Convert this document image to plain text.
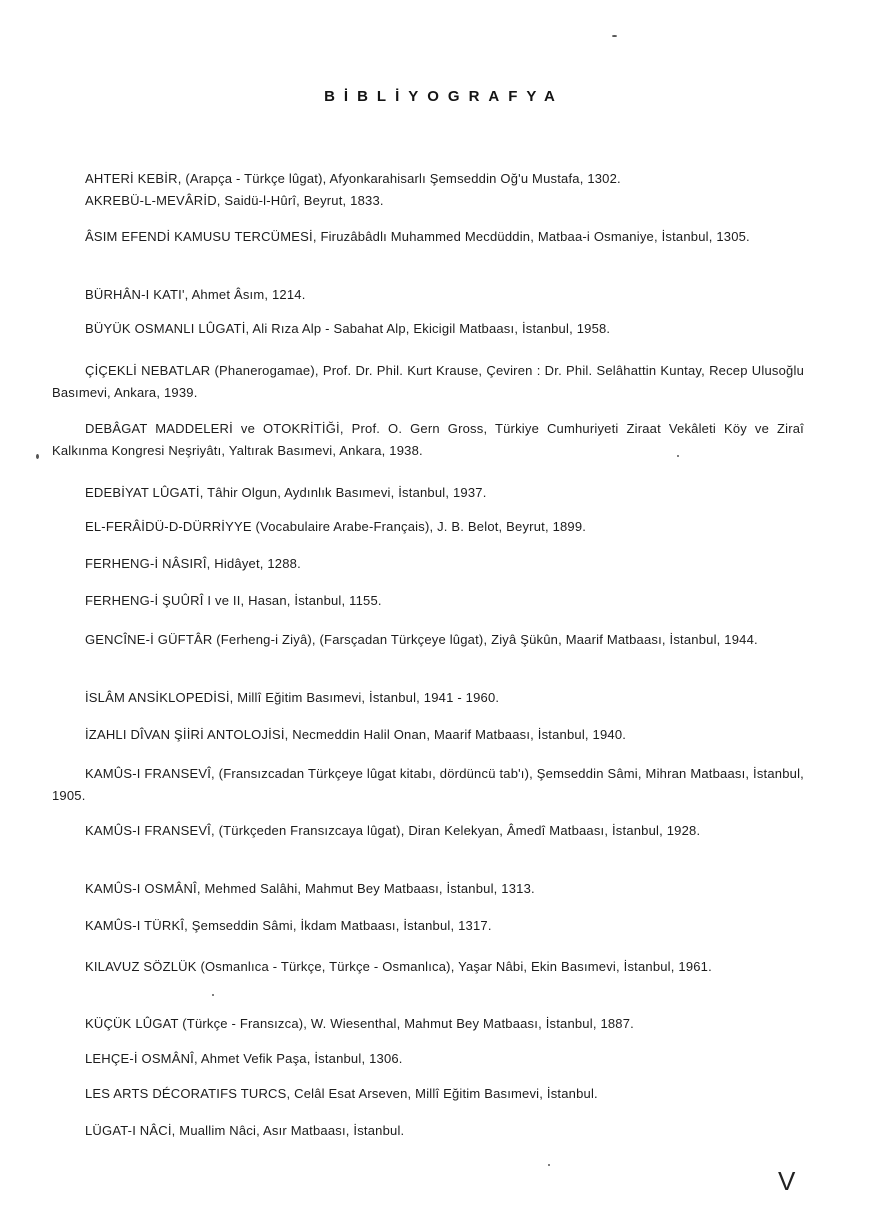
BİBLİYOGRAFYA
AHTERİ KEBİR, (Arapça - Türkçe lûgat), Afyonkarahisarlı Şemseddin Oğ'u Mustafa, 1302.
AKREBÜ-L-MEVÂRİD, Saidü-l-Hûrî, Beyrut, 1833.
ÂSIM EFENDİ KAMUSU TERCÜMESİ, Firuzâbâdlı Muhammed Mecdüddin, Matbaa-i Osmaniye, İstanbul, 1305.
BÜRHÂN-I KATI', Ahmet Âsım, 1214.
BÜYÜK OSMANLI LÛGATİ, Ali Rıza Alp - Sabahat Alp, Ekicigil Matbaası, İstanbul, 1958.
ÇİÇEKLİ NEBATLAR (Phanerogamae), Prof. Dr. Phil. Kurt Krause, Çeviren : Dr. Phil. Selâhattin Kuntay, Recep Ulusoğlu Basımevi, Ankara, 1939.
DEBÂGAT MADDELERİ ve OTOKRİTİĞİ, Prof. O. Gern Gross, Türkiye Cumhuriyeti Ziraat Vekâleti Köy ve Ziraî Kalkınma Kongresi Neşriyâtı, Yaltırak Basımevi, Ankara, 1938.
EDEBİYAT LÛGATİ, Tâhir Olgun, Aydınlık Basımevi, İstanbul, 1937.
EL-FERÂİDÜ-D-DÜRRİYYE (Vocabulaire Arabe-Français), J. B. Belot, Beyrut, 1899.
FERHENG-İ NÂSIRÎ, Hidâyet, 1288.
FERHENG-İ ŞUÛRÎ I ve II, Hasan, İstanbul, 1155.
GENCÎNE-İ GÜFTÂR (Ferheng-i Ziyâ), (Farsçadan Türkçeye lûgat), Ziyâ Şükûn, Maarif Matbaası, İstanbul, 1944.
İSLÂM ANSİKLOPEDİSİ, Millî Eğitim Basımevi, İstanbul, 1941 - 1960.
İZAHLI DÎVAN ŞİİRİ ANTOLOJİSİ, Necmeddin Halil Onan, Maarif Matbaası, İstanbul, 1940.
KAMÛS-I FRANSEVÎ, (Fransızcadan Türkçeye lûgat kitabı, dördüncü tab'ı), Şemseddin Sâmi, Mihran Matbaası, İstanbul, 1905.
KAMÛS-I FRANSEVÎ, (Türkçeden Fransızcaya lûgat), Diran Kelekyan, Âmedî Matbaası, İstanbul, 1928.
KAMÛS-I OSMÂNÎ, Mehmed Salâhi, Mahmut Bey Matbaası, İstanbul, 1313.
KAMÛS-I TÜRKÎ, Şemseddin Sâmi, İkdam Matbaası, İstanbul, 1317.
KILAVUZ SÖZLÜK (Osmanlıca - Türkçe, Türkçe - Osmanlıca), Yaşar Nâbi, Ekin Basımevi, İstanbul, 1961.
KÜÇÜK LÛGAT (Türkçe - Fransızca), W. Wiesenthal, Mahmut Bey Matbaası, İstanbul, 1887.
LEHÇE-İ OSMÂNÎ, Ahmet Vefik Paşa, İstanbul, 1306.
LES ARTS DÉCORATIFS TURCS, Celâl Esat Arseven, Millî Eğitim Basımevi, İstanbul.
LÜGAT-I NÂCİ, Muallim Nâci, Asır Matbaası, İstanbul.
V
